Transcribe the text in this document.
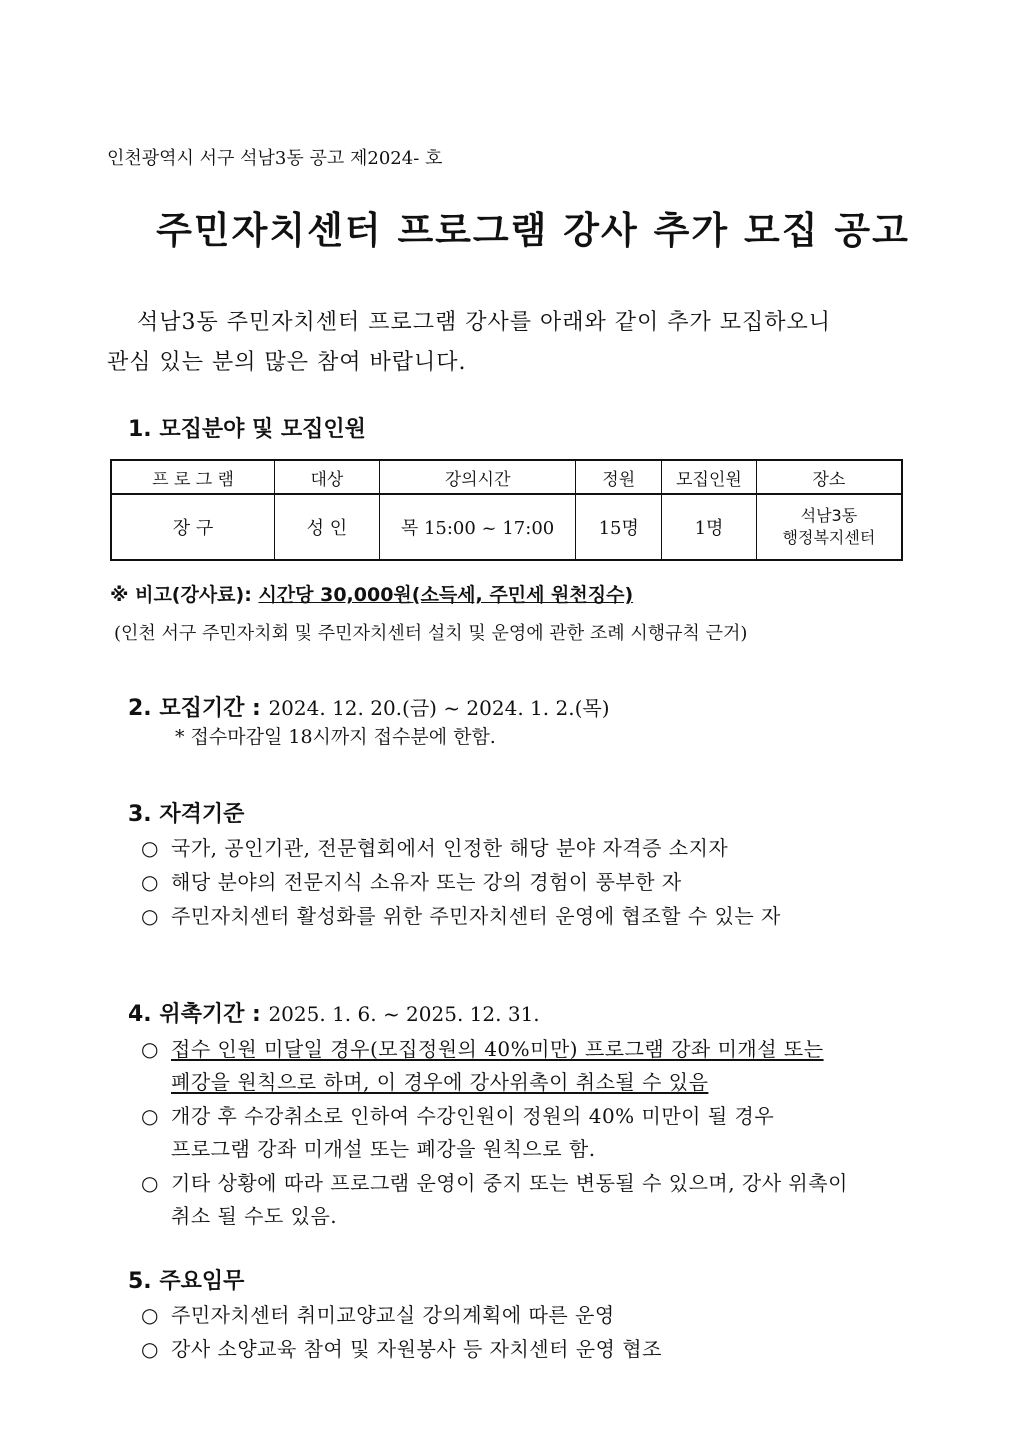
인천광역시 서구 석남3동 공고 제2024- 호
주민자치센터 프로그램 강사 추가 모집 공고
석남3동 주민자치센터 프로그램 강사를 아래와 같이 추가 모집하오니
관심 있는 분의 많은 참여 바랍니다.
1. 모집분야 및 모집인원
프 로 그 램	대상	강의시간	정원	모집인원	장소
장 구	성 인	목 15:00 ~ 17:00	15명	1명	석남3동
행정복지센터
※ 비고(강사료): 시간당 30,000원(소득세, 주민세 원천징수)
(인천 서구 주민자치회 및 주민자치센터 설치 및 운영에 관한 조례 시행규칙 근거)
2. 모집기간 : 2024. 12. 20.(금) ~ 2024. 1. 2.(목)
* 접수마감일 18시까지 접수분에 한함.
3. 자격기준
○ 국가, 공인기관, 전문협회에서 인정한 해당 분야 자격증 소지자
○ 해당 분야의 전문지식 소유자 또는 강의 경험이 풍부한 자
○ 주민자치센터 활성화를 위한 주민자치센터 운영에 협조할 수 있는 자
4. 위촉기간 : 2025. 1. 6. ~ 2025. 12. 31.
○ 접수 인원 미달일 경우(모집정원의 40%미만) 프로그램 강좌 미개설 또는
폐강을 원칙으로 하며, 이 경우에 강사위촉이 취소될 수 있음
○ 개강 후 수강취소로 인하여 수강인원이 정원의 40% 미만이 될 경우
프로그램 강좌 미개설 또는 폐강을 원칙으로 함.
○ 기타 상황에 따라 프로그램 운영이 중지 또는 변동될 수 있으며, 강사 위촉이
취소 될 수도 있음.
5. 주요임무
○ 주민자치센터 취미교양교실 강의계획에 따른 운영
○ 강사 소양교육 참여 및 자원봉사 등 자치센터 운영 협조
